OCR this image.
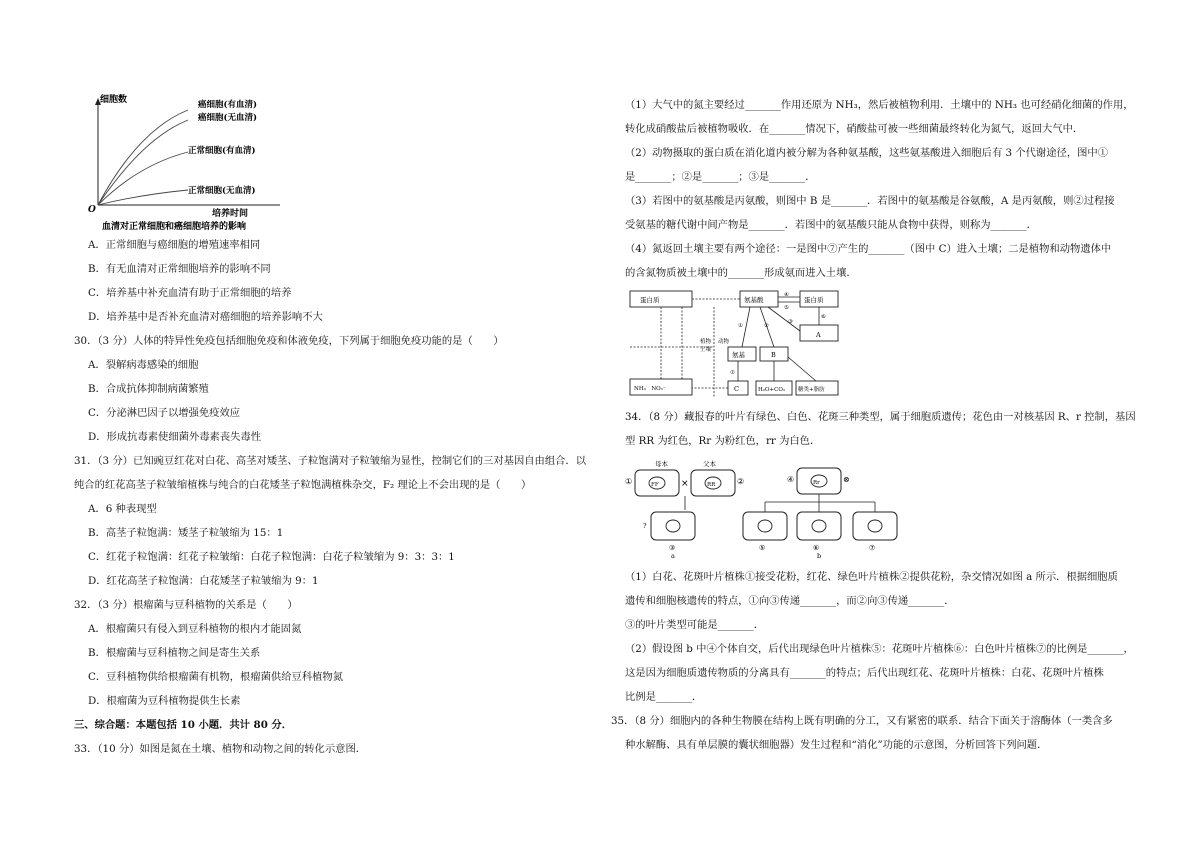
细胞数
O	培养时间
癌细胞(有血清)
癌细胞(无血清)
正常细胞(有血清)
正常细胞(无血清)
血清对正常细胞和癌细胞培养的影响
A．正常细胞与癌细胞的增殖速率相同
B．有无血清对正常细胞培养的影响不同
C．培养基中补充血清有助于正常细胞的培养
D．培养基中是否补充血清对癌细胞的培养影响不大
30．（3 分）人体的特异性免疫包括细胞免疫和体液免疫，下列属于细胞免疫功能的是（　　）
A．裂解病毒感染的细胞
B．合成抗体抑制病菌繁殖
C．分泌淋巴因子以增强免疫效应
D．形成抗毒素使细菌外毒素丧失毒性
31．（3 分）已知豌豆红花对白花、高茎对矮茎、子粒饱满对子粒皱缩为显性，控制它们的三对基因自由组合．以
纯合的红花高茎子粒皱缩植株与纯合的白花矮茎子粒饱满植株杂交，F₂ 理论上不会出现的是（　　）
A．6 种表现型
B．高茎子粒饱满：矮茎子粒皱缩为 15：1
C．红花子粒饱满：红花子粒皱缩：白花子粒饱满：白花子粒皱缩为 9：3：3：1
D．红花高茎子粒饱满：白花矮茎子粒皱缩为 9：1
32．（3 分）根瘤菌与豆科植物的关系是（　　）
A．根瘤菌只有侵入到豆科植物的根内才能固氮
B．根瘤菌与豆科植物之间是寄生关系
C．豆科植物供给根瘤菌有机物，根瘤菌供给豆科植物氮
D．根瘤菌为豆科植物提供生长素
三、综合题：本题包括 10 小题．共计 80 分．
33．（10 分）如图是氮在土壤、植物和动物之间的转化示意图．
（1）大气中的氮主要经过_______作用还原为 NH₃，然后被植物利用．土壤中的 NH₃ 也可经硝化细菌的作用，
转化成硝酸盐后被植物吸收．在_______情况下，硝酸盐可被一些细菌最终转化为氮气，返回大气中．
（2）动物摄取的蛋白质在消化道内被分解为各种氨基酸，这些氨基酸进入细胞后有 3 个代谢途径，图中①
是_______；②是_______；③是_______．
（3）若图中的氨基酸是丙氨酸，则图中 B 是_______．若图中的氨基酸是谷氨酸，A 是丙氨酸，则②过程接
受氨基的糖代谢中间产物是_______．若图中的氨基酸只能从食物中获得，则称为_______．
（4）氮返回土壤主要有两个途径：一是图中⑦产生的_______（图中 C）进入土壤；二是植物和动物遗体中
的含氮物质被土壤中的_______形成氨而进入土壤．
蛋白质	氨基酸	蛋白质
A
氨基	B
NH₃　NO₃⁻	C	H₂O+CO₂ 糖类+脂肪
植物
土壤
动物
④
⑤
⑥
①	②
③
⑦
34．（8 分）藏报春的叶片有绿色、白色、花斑三种类型，属于细胞质遗传；花色由一对核基因 R、r 控制，基因
型 RR 为红色，Rr 为粉红色，rr 为白色．
母本	父本
①	FF ×	RR	②
?
③
a
④	Rr	⊗
⑤	⑥	⑦
b
（1）白花、花斑叶片植株①接受花粉，红花、绿色叶片植株②提供花粉，杂交情况如图 a 所示．根据细胞质
遗传和细胞核遗传的特点，①向③传递_______，而②向③传递_______．
③的叶片类型可能是_______．
（2）假设图 b 中④个体自交，后代出现绿色叶片植株⑤：花斑叶片植株⑥：白色叶片植株⑦的比例是_______，
这是因为细胞质遗传物质的分离具有_______的特点；后代出现红花、花斑叶片植株：白花、花斑叶片植株
比例是_______．
35．（8 分）细胞内的各种生物膜在结构上既有明确的分工，又有紧密的联系．结合下面关于溶酶体（一类含多
种水解酶、具有单层膜的囊状细胞器）发生过程和“消化”功能的示意图，分析回答下列问题．
